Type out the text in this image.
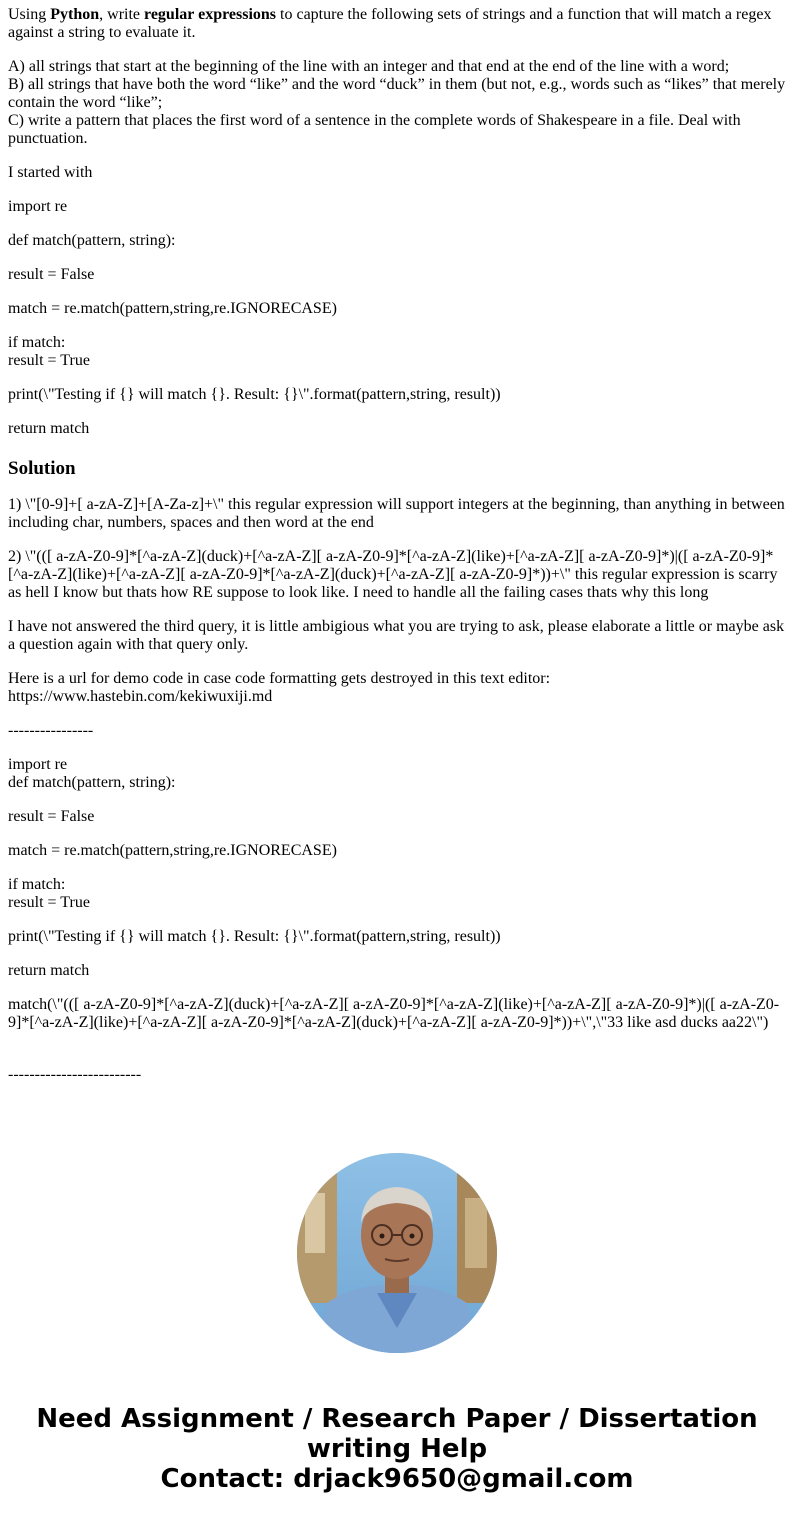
Using Python, write regular expressions to capture the following sets of strings and a function that will match a regex against a string to evaluate it.

A) all strings that start at the beginning of the line with an integer and that end at the end of the line with a word;
B) all strings that have both the word “like” and the word “duck” in them (but not, e.g., words such as “likes” that merely contain the word “like”;
C) write a pattern that places the first word of a sentence in the complete words of Shakespeare in a file. Deal with punctuation.

I started with

import re

def match(pattern, string):

result = False

match = re.match(pattern,string,re.IGNORECASE)

if match:
result = True

print(\"Testing if {} will match {}. Result: {}\".format(pattern,string, result))

return match

Solution

1) \"[0-9]+[ a-zA-Z]+[A-Za-z]+\" this regular expression will support integers at the beginning, than anything in between including char, numbers, spaces and then word at the end

2) \"(([ a-zA-Z0-9]*[^a-zA-Z](duck)+[^a-zA-Z][ a-zA-Z0-9]*[^a-zA-Z](like)+[^a-zA-Z][ a-zA-Z0-9]*)|([ a-zA-Z0-9]*[^a-zA-Z](like)+[^a-zA-Z][ a-zA-Z0-9]*[^a-zA-Z](duck)+[^a-zA-Z][ a-zA-Z0-9]*))+\" this regular expression is scarry as hell I know but thats how RE suppose to look like. I need to handle all the failing cases thats why this long

I have not answered the third query, it is little ambigious what you are trying to ask, please elaborate a little or maybe ask a question again with that query only.

Here is a url for demo code in case code formatting gets destroyed in this text editor:
https://www.hastebin.com/kekiwuxiji.md

----------------

import re
def match(pattern, string):

result = False

match = re.match(pattern,string,re.IGNORECASE)

if match:
result = True

print(\"Testing if {} will match {}. Result: {}\".format(pattern,string, result))

return match

match(\"(([ a-zA-Z0-9]*[^a-zA-Z](duck)+[^a-zA-Z][ a-zA-Z0-9]*[^a-zA-Z](like)+[^a-zA-Z][ a-zA-Z0-9]*)|([ a-zA-Z0-9]*[^a-zA-Z](like)+[^a-zA-Z][ a-zA-Z0-9]*[^a-zA-Z](duck)+[^a-zA-Z][ a-zA-Z0-9]*))+\",\"33 like asd ducks aa22\")

-------------------------

Need Assignment / Research Paper / Dissertation
writing Help
Contact: drjack9650@gmail.com
